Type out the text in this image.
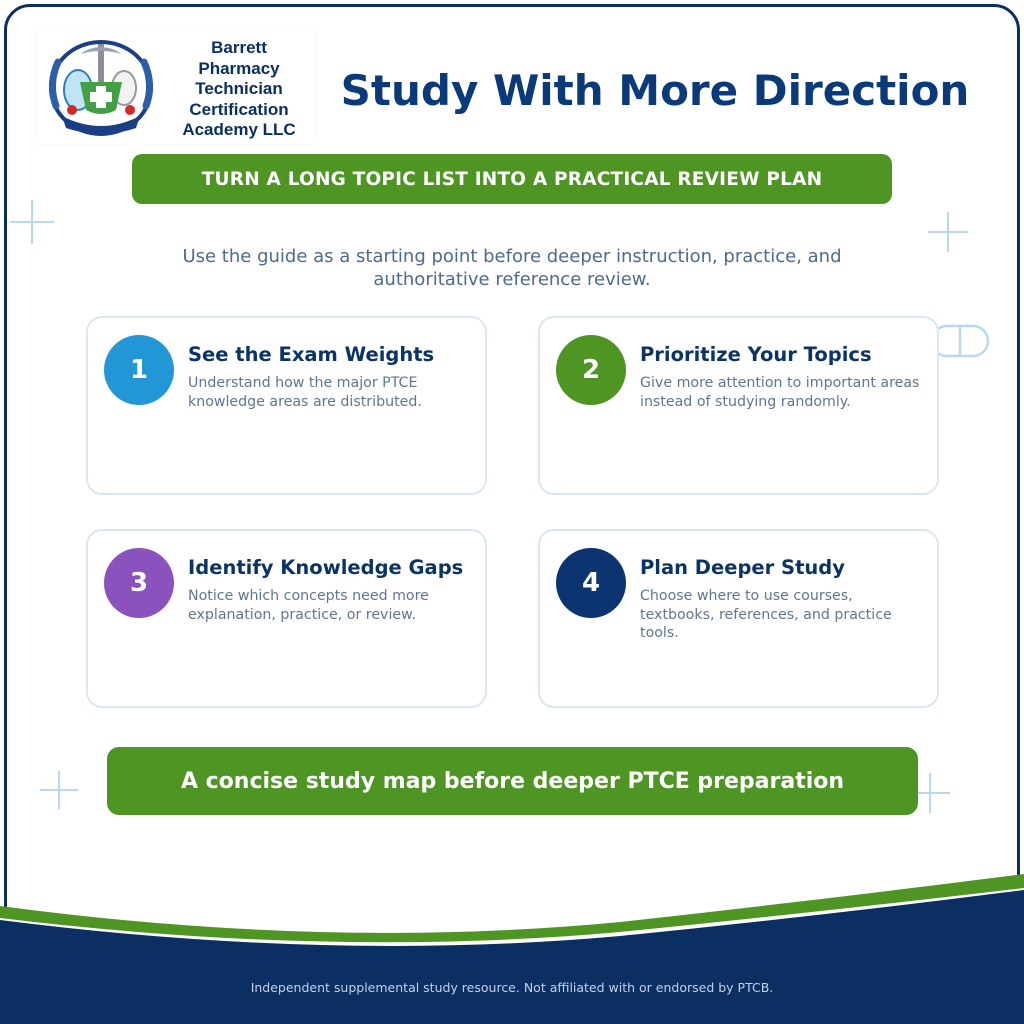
Barrett
Pharmacy
Technician
Certification
Academy LLC
Study With More Direction
TURN A LONG TOPIC LIST INTO A PRACTICAL REVIEW PLAN
Use the guide as a starting point before deeper instruction, practice, and authoritative reference review.
1
See the Exam Weights
Understand how the major PTCE knowledge areas are distributed.
2
Prioritize Your Topics
Give more attention to important areas instead of studying randomly.
3
Identify Knowledge Gaps
Notice which concepts need more explanation, practice, or review.
4
Plan Deeper Study
Choose where to use courses, textbooks, references, and practice tools.
A concise study map before deeper PTCE preparation
Independent supplemental study resource. Not affiliated with or endorsed by PTCB.
